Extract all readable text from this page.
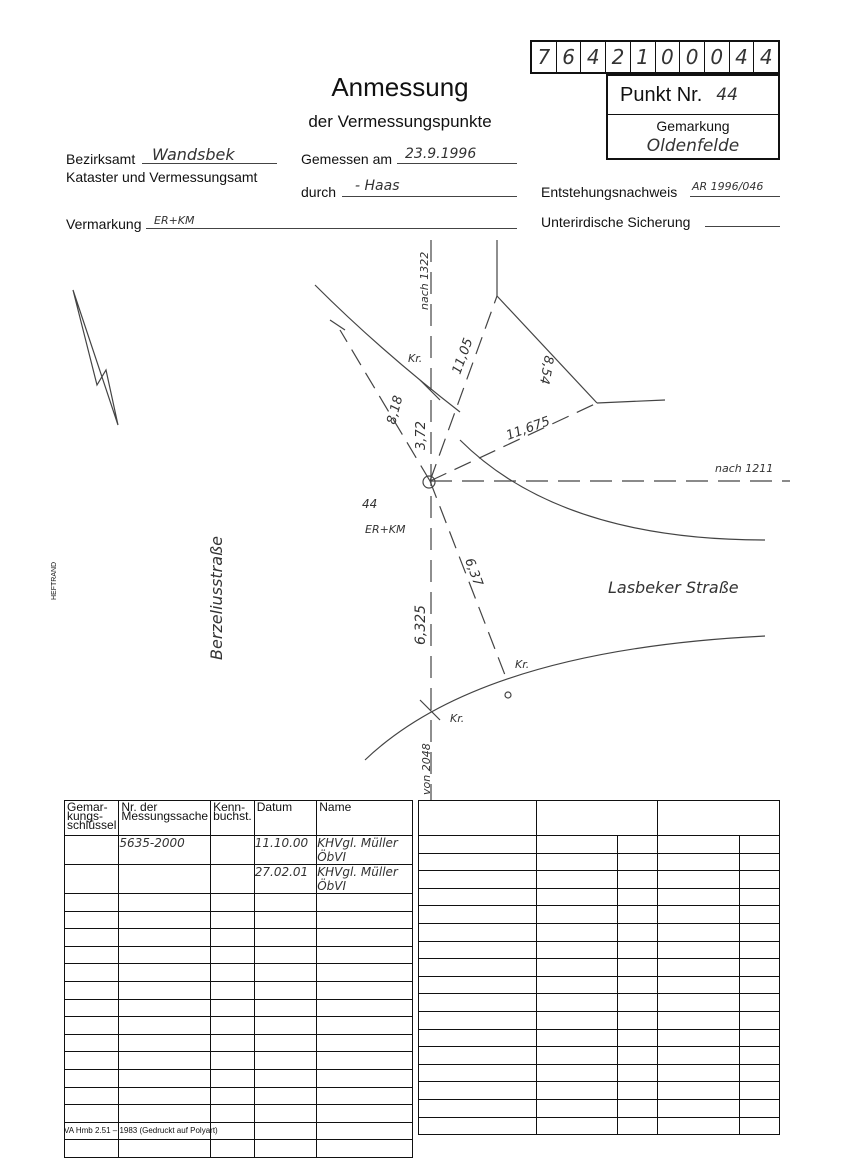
7 6 4 2 1 0 0 0 4 4
Anmessung
der Vermessungspunkte
Punkt Nr. 44
Gemarkung
Oldenfelde
Bezirksamt Wandsbek
Kataster und Vermessungsamt
Gemessen am 23.9.1996
durch - Haas	Entstehungsnachweis AR 1996/046
Vermarkung ER+KM	Unterirdische Sicherung
nach 1322
von 2048
nach 1211
11,05	8,54
11,675
8,18
3,72
6,325
6,37
Kr.
Kr.
Kr.
44
ER+KM
Lasbeker Straße
Berzeliusstraße
HEFTRAND
Gemar-kungs-schlüssel	Nr. der Messungssache	Kenn-buchst.	Datum	Name

	5635-2000		11.10.00	KHVgl. Müller ÖbVI
			27.02.01	KHVgl. Müller ÖbVI

VA Hmb 2.51 – 1983 (Gedruckt auf Polyart)
